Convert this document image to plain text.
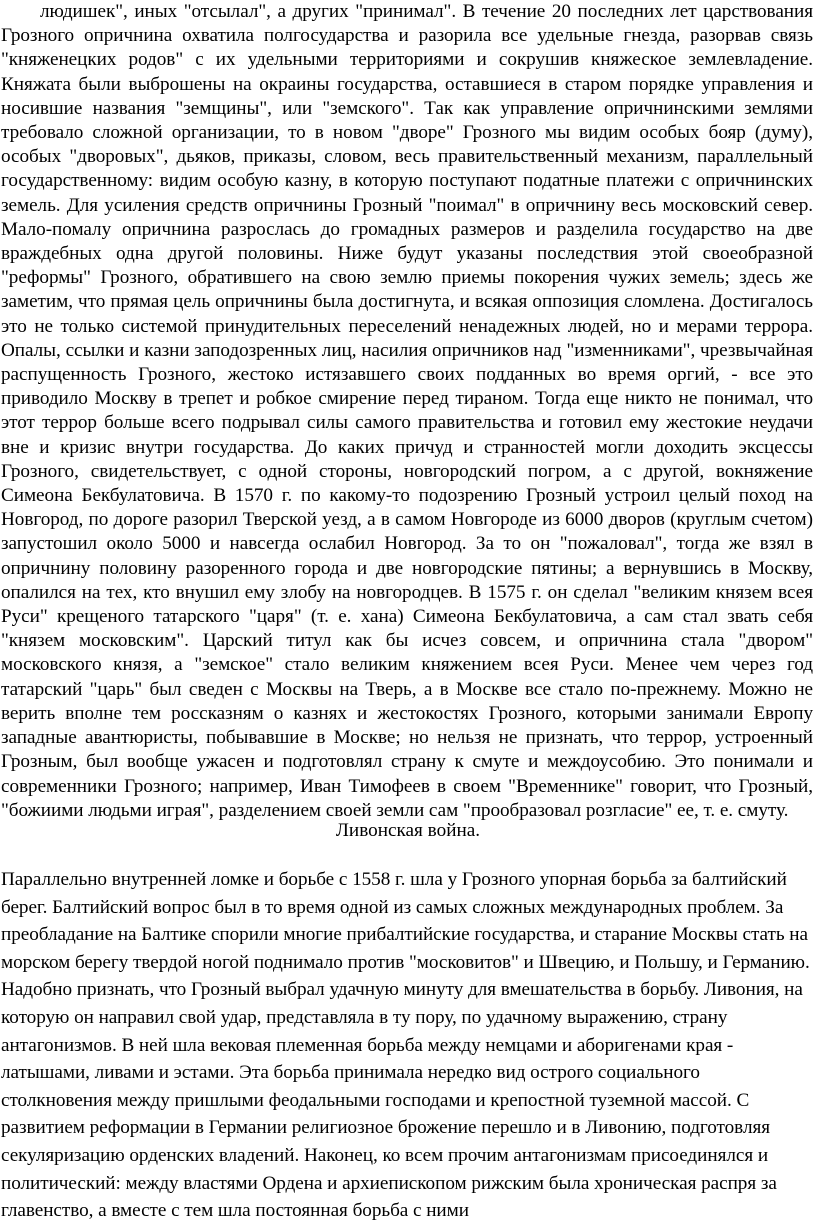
людишек", иных "отсылал", а других "принимал". В течение 20 последних лет царствования Грозного опричнина охватила полгосударства и разорила все удельные гнезда, разорвав связь "княженецких родов" с их удельными территориями и сокрушив княжеское землевладение. Княжата были выброшены на окраины государства, оставшиеся в старом порядке управления и носившие названия "земщины", или "земского". Так как управление опричнинскими землями требовало сложной организации, то в новом "дворе" Грозного мы видим особых бояр (думу), особых "дворовых", дьяков, приказы, словом, весь правительственный механизм, параллельный государственному: видим особую казну, в которую поступают податные платежи с опричнинских земель. Для усиления средств опричнины Грозный "поимал" в опричнину весь московский север. Мало-помалу опричнина разрослась до громадных размеров и разделила государство на две враждебных одна другой половины. Ниже будут указаны последствия этой своеобразной "реформы" Грозного, обратившего на свою землю приемы покорения чужих земель; здесь же заметим, что прямая цель опричнины была достигнута, и всякая оппозиция сломлена. Достигалось это не только системой принудительных переселений ненадежных людей, но и мерами террора. Опалы, ссылки и казни заподозренных лиц, насилия опричников над "изменниками", чрезвычайная распущенность Грозного, жестоко истязавшего своих подданных во время оргий, - все это приводило Москву в трепет и робкое смирение перед тираном. Тогда еще никто не понимал, что этот террор больше всего подрывал силы самого правительства и готовил ему жестокие неудачи вне и кризис внутри государства. До каких причуд и странностей могли доходить эксцессы Грозного, свидетельствует, с одной стороны, новгородский погром, а с другой, вокняжение Симеона Бекбулатовича. В 1570 г. по какому-то подозрению Грозный устроил целый поход на Новгород, по дороге разорил Тверской уезд, а в самом Новгороде из 6000 дворов (круглым счетом) запустошил около 5000 и навсегда ослабил Новгород. За то он "пожаловал", тогда же взял в опричнину половину разоренного города и две новгородские пятины; а вернувшись в Москву, опалился на тех, кто внушил ему злобу на новгородцев. В 1575 г. он сделал "великим князем всея Руси" крещеного татарского "царя" (т. е. хана) Симеона Бекбулатовича, а сам стал звать себя "князем московским". Царский титул как бы исчез совсем, и опричнина стала "двором" московского князя, а "земское" стало великим княжением всея Руси. Менее чем через год татарский "царь" был сведен с Москвы на Тверь, а в Москве все стало по-прежнему. Можно не верить вполне тем россказням о казнях и жестокостях Грозного, которыми занимали Европу западные авантюристы, побывавшие в Москве; но нельзя не признать, что террор, устроенный Грозным, был вообще ужасен и подготовлял страну к смуте и междоусобию. Это понимали и современники Грозного; например, Иван Тимофеев в своем "Временнике" говорит, что Грозный, "божиими людьми играя", разделением своей земли сам "прообразовал розгласие" ее, т. е. смуту.

Ливонская война.

Параллельно внутренней ломке и борьбе с 1558 г. шла у Грозного упорная борьба за балтийский берег. Балтийский вопрос был в то время одной из самых сложных международных проблем. За преобладание на Балтике спорили многие прибалтийские государства, и старание Москвы стать на морском берегу твердой ногой поднимало против "московитов" и Швецию, и Польшу, и Германию. Надобно признать, что Грозный выбрал удачную минуту для вмешательства в борьбу. Ливония, на которую он направил свой удар, представляла в ту пору, по удачному выражению, страну антагонизмов. В ней шла вековая племенная борьба между немцами и аборигенами края - латышами, ливами и эстами. Эта борьба принимала нередко вид острого социального столкновения между пришлыми феодальными господами и крепостной туземной массой. С развитием реформации в Германии религиозное брожение перешло и в Ливонию, подготовляя секуляризацию орденских владений. Наконец, ко всем прочим антагонизмам присоединялся и политический: между властями Ордена и архиепископом рижским была хроническая распря за главенство, а вместе с тем шла постоянная борьба с ними
